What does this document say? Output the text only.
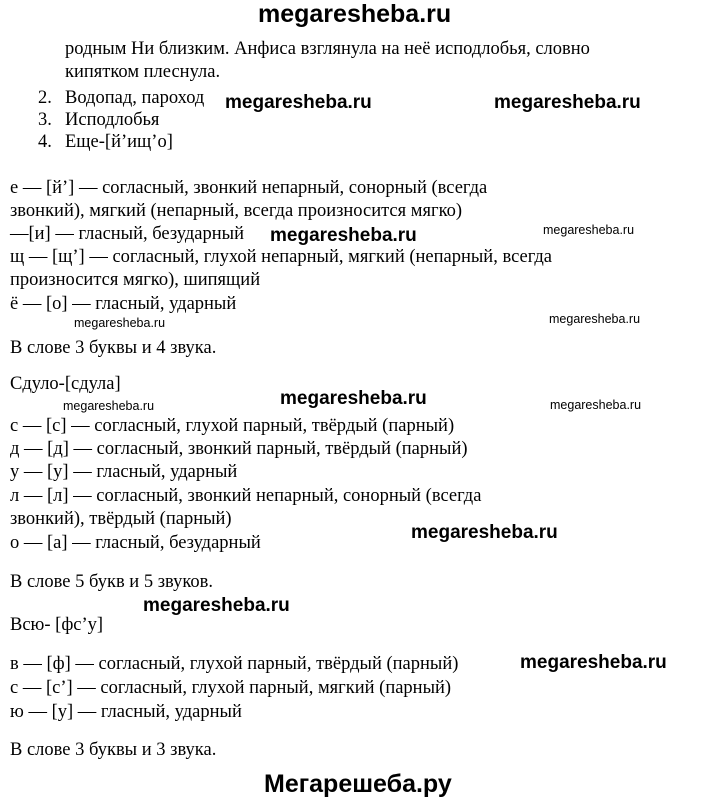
megaresheba.ru
родным Ни близким. Анфиса взглянула на неё исподлобья, словно
кипятком плеснула.
2. Водопад, пароход
3. Исподлобья
4. Еще-[й’ищ’о]
е — [й’] — согласный, звонкий непарный, сонорный (всегда
звонкий), мягкий (непарный, всегда произносится мягко)
—[и] — гласный, безударный
щ — [щ’] — согласный, глухой непарный, мягкий (непарный, всегда
произносится мягко), шипящий
ё — [о] — гласный, ударный
В слове 3 буквы и 4 звука.
Сдуло-[сдула]
с — [с] — согласный, глухой парный, твёрдый (парный)
д — [д] — согласный, звонкий парный, твёрдый (парный)
у — [у] — гласный, ударный
л — [л] — согласный, звонкий непарный, сонорный (всегда
звонкий), твёрдый (парный)
о — [а] — гласный, безударный
В слове 5 букв и 5 звуков.
Всю- [фс’у]
в — [ф] — согласный, глухой парный, твёрдый (парный)
с — [с’] — согласный, глухой парный, мягкий (парный)
ю — [у] — гласный, ударный
В слове 3 буквы и 3 звука.
megaresheba.ru	megaresheba.ru
megaresheba.ru
megaresheba.ru
megaresheba.ru
megaresheba.ru
megaresheba.ru
megaresheba.ru
megaresheba.ru	megaresheba.ru
megaresheba.ru	megaresheba.ru
Мегарешеба.ру
